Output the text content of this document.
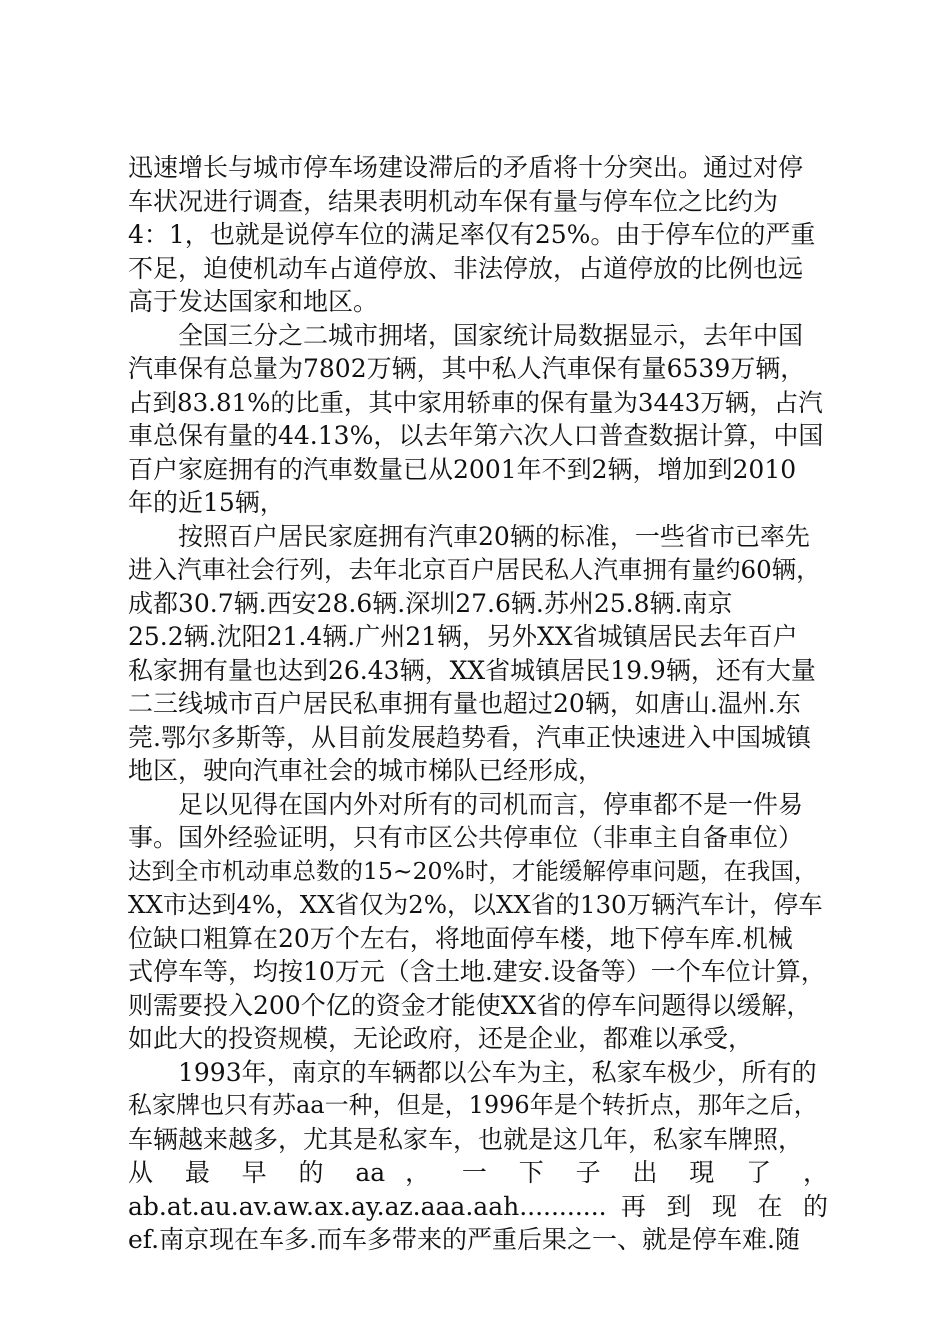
迅速增长与城市停车场建设滞后的矛盾将十分突出。通过对停
车状况进行调查，结果表明机动车保有量与停车位之比约为
4：1，也就是说停车位的满足率仅有25%。由于停车位的严重
不足，迫使机动车占道停放、非法停放，占道停放的比例也远
高于发达国家和地区。
　　全国三分之二城市拥堵，国家统计局数据显示，去年中国
汽車保有总量为7802万辆，其中私人汽車保有量6539万辆，
占到83.81%的比重，其中家用轿車的保有量为3443万辆，占汽
車总保有量的44.13%，以去年第六次人口普查数据计算，中国
百户家庭拥有的汽車数量已从2001年不到2辆，增加到2010
年的近15辆，
　　按照百户居民家庭拥有汽車20辆的标准，一些省市已率先
进入汽車社会行列，去年北京百户居民私人汽車拥有量约60辆，
成都30.7辆.西安28.6辆.深圳27.6辆.苏州25.8辆.南京
25.2辆.沈阳21.4辆.广州21辆，另外XX省城镇居民去年百户
私家拥有量也达到26.43辆，XX省城镇居民19.9辆，还有大量
二三线城市百户居民私車拥有量也超过20辆，如唐山.温州.东
莞.鄂尔多斯等，从目前发展趋势看，汽車正快速进入中国城镇
地区，驶向汽車社会的城市梯队已经形成，
　　足以见得在国内外对所有的司机而言，停車都不是一件易
事。国外经验证明，只有市区公共停車位（非車主自备車位）
达到全市机动車总数的15~20%时，才能缓解停車问题，在我国，
XX市达到4%，XX省仅为2%，以XX省的130万辆汽车计，停车
位缺口粗算在20万个左右，将地面停车楼，地下停车库.机械
式停车等，均按10万元（含土地.建安.设备等）一个车位计算，
则需要投入200个亿的资金才能使XX省的停车问题得以缓解，
如此大的投资规模，无论政府，还是企业，都难以承受，
　　1993年，南京的车辆都以公车为主，私家车极少，所有的
私家牌也只有苏aa一种，但是，1996年是个转折点，那年之后，
车辆越来越多，尤其是私家车，也就是这几年，私家车牌照，
从 最 早 的 aa ， 一 下 子 出 現 了 ，
ab.at.au.av.aw.ax.ay.az.aaa.aah........... 再 到 现 在 的
ef.南京现在车多.而车多带来的严重后果之一、就是停车难.随
